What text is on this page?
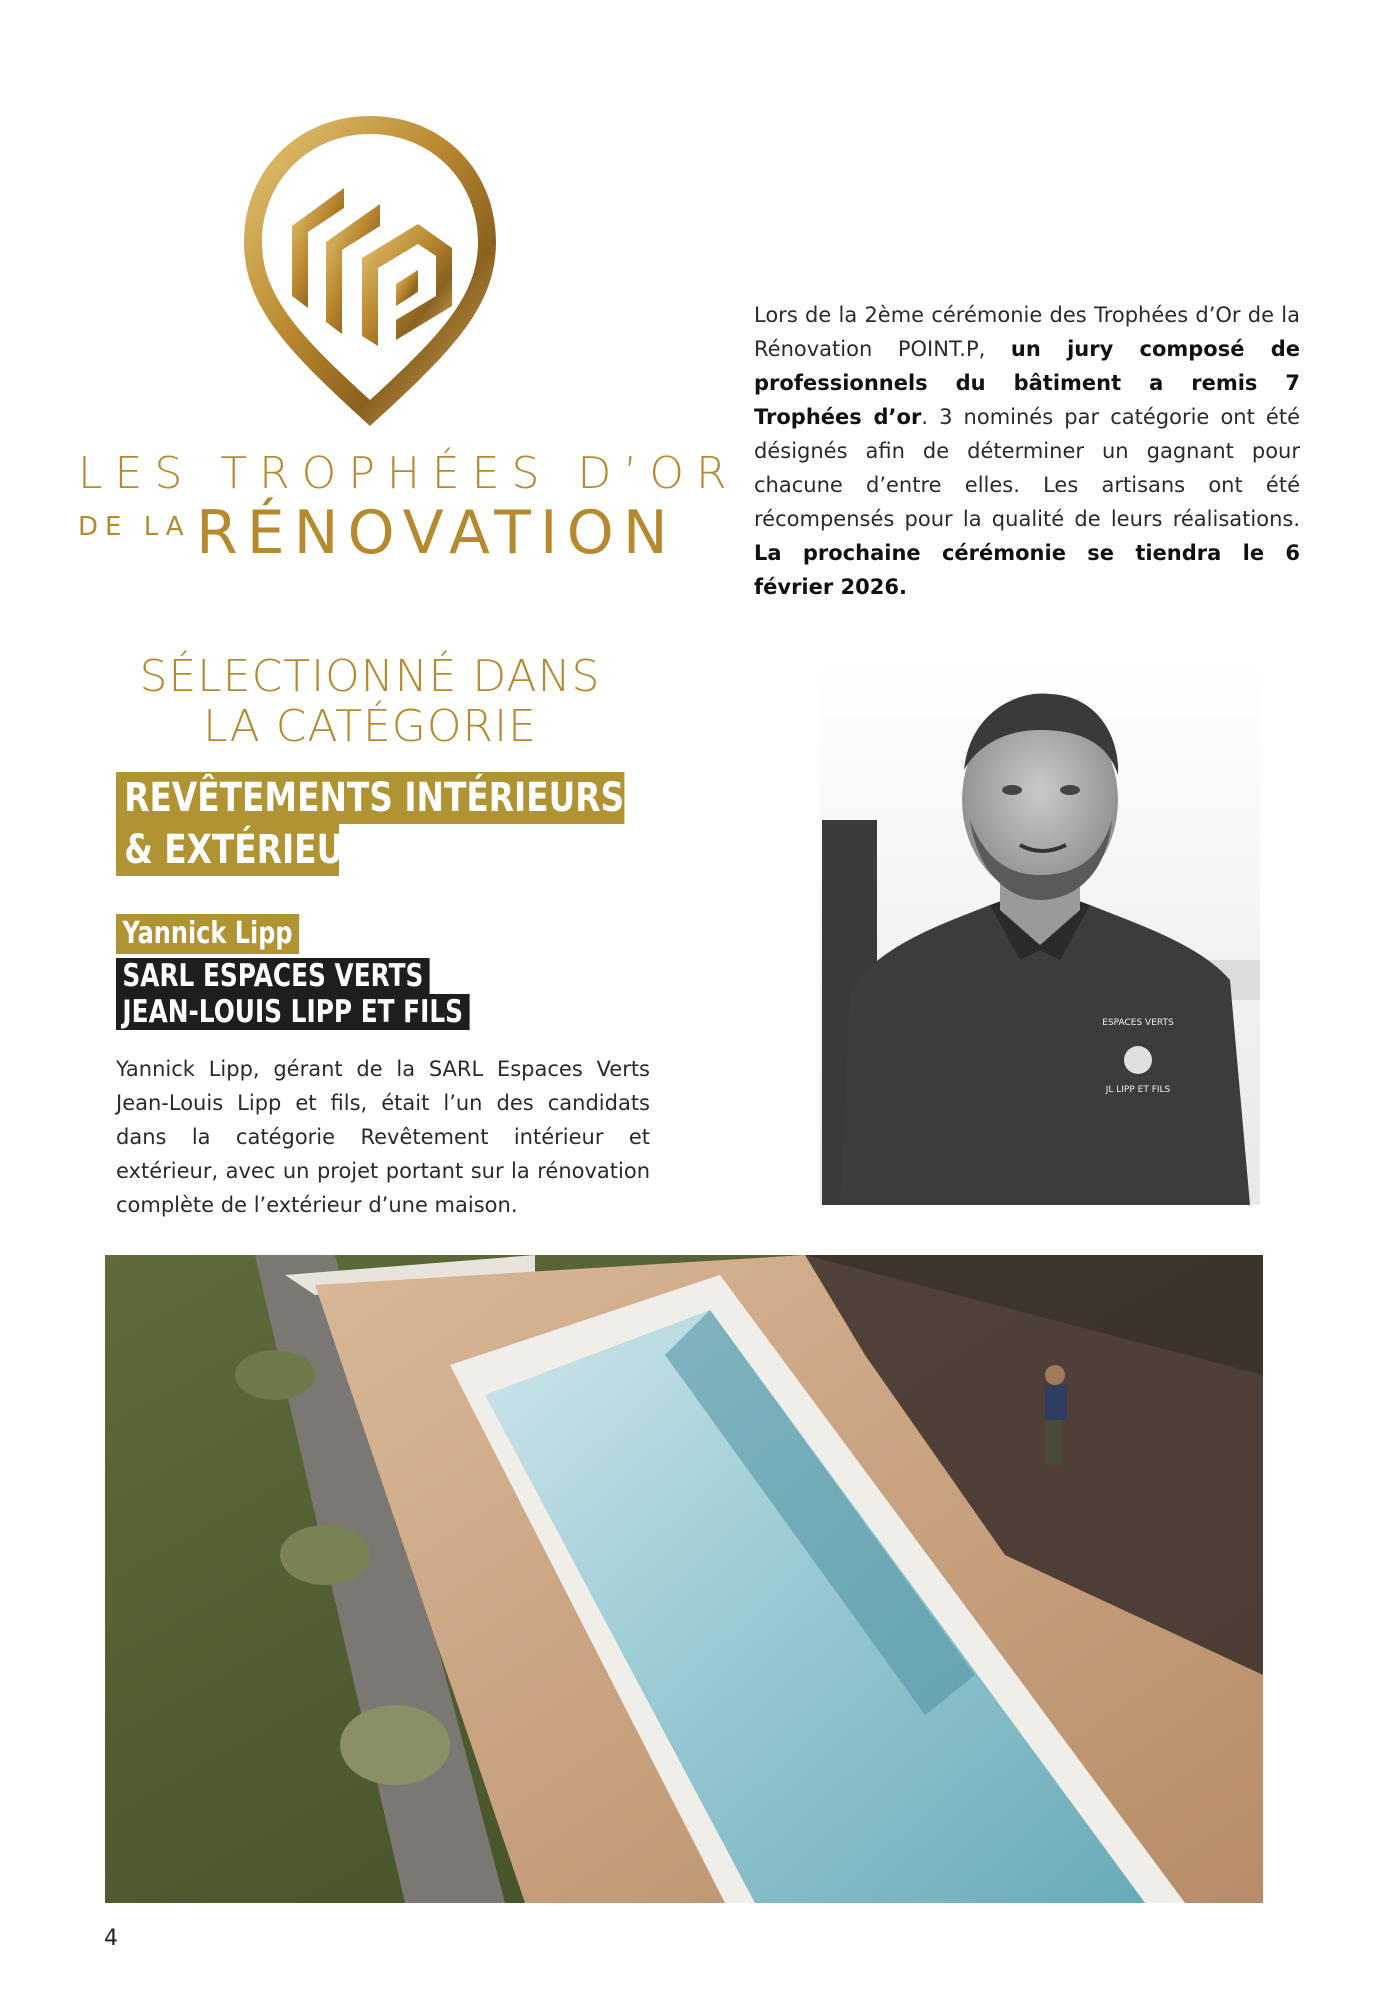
LES TROPHÉES D’OR
DE LA RÉNOVATION
Lors de la 2ème cérémonie des Trophées d’Or de la Rénovation POINT.P, un jury composé de professionnels du bâtiment a remis 7 Trophées d’or. 3 nominés par catégorie ont été désignés afin de déterminer un gagnant pour chacune d’entre elles. Les artisans ont été récompensés pour la qualité de leurs réalisations. La prochaine cérémonie se tiendra le 6 février 2026.
SÉLECTIONNÉ DANS
LA CATÉGORIE
REVÊTEMENTS INTÉRIEURS
& EXTÉRIEURS
Yannick Lipp
SARL ESPACES VERTS
JEAN-LOUIS LIPP ET FILS
Yannick Lipp, gérant de la SARL Espaces Verts Jean-Louis Lipp et fils, était l’un des candidats dans la catégorie Revêtement intérieur et extérieur, avec un projet portant sur la rénovation complète de l’extérieur d’une maison.
ESPACES VERTS
JL LIPP ET FILS
4
